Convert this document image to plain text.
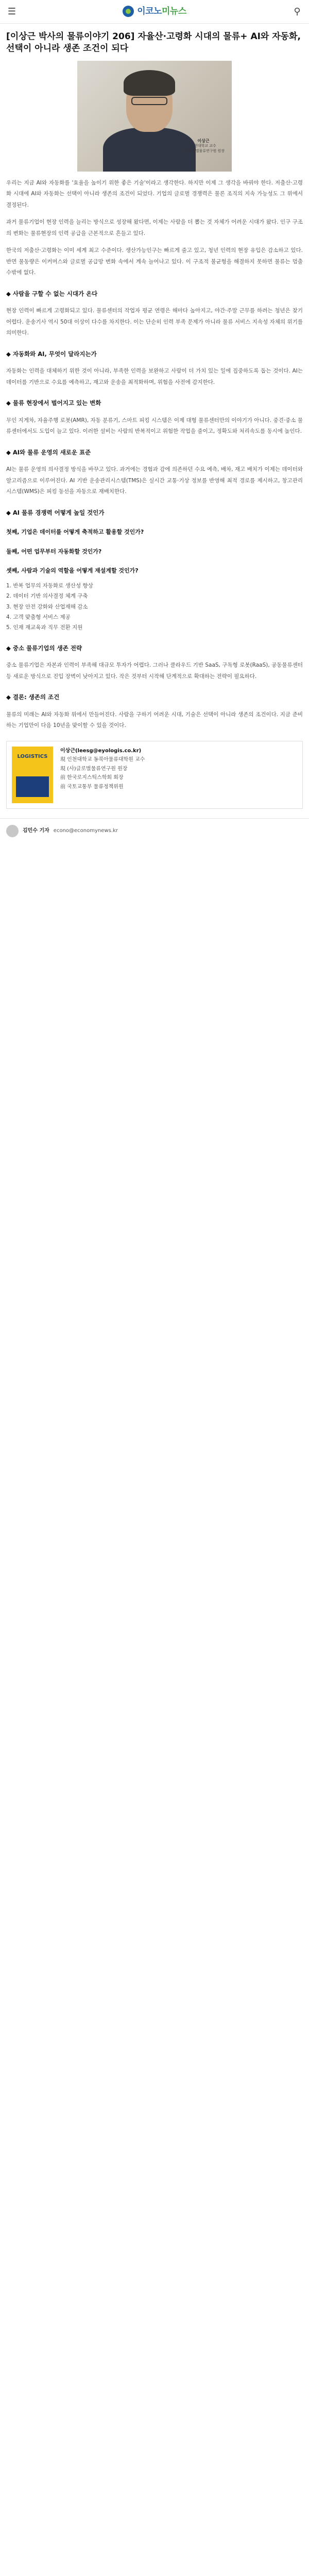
☰	이코노미뉴스	⚲
[이상근 박사의 물류이야기 206] 자율산·고령화 시대의 물류+ AI와 자동화, 선택이 아니라 생존 조건이 되다
이상근
인천대학교 교수
(사)글로벌물류연구원 원장

우리는 지금 AI와 자동화를 '효율을 높이기 위한 좋은 기술'이라고 생각한다. 하지만 이제 그 생각을 바꿔야 한다. 저출산·고령화 시대에 AI와 자동화는 선택이 아니라 생존의 조건이 되었다. 기업의 글로벌 경쟁력은 물론 조직의 지속 가능성도 그 위에서 결정된다.

과거 물류기업이 현장 인력을 늘리는 방식으로 성장해 왔다면, 이제는 사람을 더 뽑는 것 자체가 어려운 시대가 왔다. 인구 구조의 변화는 물류현장의 인력 공급을 근본적으로 흔들고 있다.

한국의 저출산·고령화는 이미 세계 최고 수준이다. 생산가능인구는 빠르게 줄고 있고, 청년 인력의 현장 유입은 감소하고 있다. 반면 물동량은 이커머스와 글로벌 공급망 변화 속에서 계속 늘어나고 있다. 이 구조적 불균형을 해결하지 못하면 물류는 멈출 수밖에 없다.

◆ 사람을 구할 수 없는 시대가 온다

현장 인력이 빠르게 고령화되고 있다. 물류센터의 작업자 평균 연령은 해마다 높아지고, 야간·주말 근무를 하려는 청년은 찾기 어렵다. 운송기사 역시 50대 이상이 다수를 차지한다. 이는 단순히 인력 부족 문제가 아니라 물류 서비스 지속성 자체의 위기를 의미한다.

◆ 자동화와 AI, 무엇이 달라지는가

자동화는 인력을 대체하기 위한 것이 아니라, 부족한 인력을 보완하고 사람이 더 가치 있는 일에 집중하도록 돕는 것이다. AI는 데이터를 기반으로 수요를 예측하고, 재고와 운송을 최적화하며, 위험을 사전에 감지한다.

◆ 물류 현장에서 벌어지고 있는 변화

무인 지게차, 자율주행 로봇(AMR), 자동 분류기, 스마트 피킹 시스템은 이제 대형 물류센터만의 이야기가 아니다. 중견·중소 물류센터에서도 도입이 늘고 있다. 이러한 설비는 사람의 반복적이고 위험한 작업을 줄이고, 정확도와 처리속도를 동시에 높인다.

◆ AI와 물류 운영의 새로운 표준

AI는 물류 운영의 의사결정 방식을 바꾸고 있다. 과거에는 경험과 감에 의존하던 수요 예측, 배차, 재고 배치가 이제는 데이터와 알고리즘으로 이루어진다. AI 기반 운송관리시스템(TMS)은 실시간 교통·기상 정보를 반영해 최적 경로를 제시하고, 창고관리시스템(WMS)은 피킹 동선을 자동으로 재배치한다.

◆ AI 물류 경쟁력 어떻게 높일 것인가
첫째, 기업은 데이터를 어떻게 축적하고 활용할 것인가?
둘째, 어떤 업무부터 자동화할 것인가?
셋째, 사람과 기술의 역할을 어떻게 재설계할 것인가?
1. 반복 업무의 자동화로 생산성 향상
2. 데이터 기반 의사결정 체계 구축
3. 현장 안전 강화와 산업재해 감소
4. 고객 맞춤형 서비스 제공
5. 인재 재교육과 직무 전환 지원
◆ 중소 물류기업의 생존 전략

중소 물류기업은 자본과 인력이 부족해 대규모 투자가 어렵다. 그러나 클라우드 기반 SaaS, 구독형 로봇(RaaS), 공동물류센터 등 새로운 방식으로 진입 장벽이 낮아지고 있다. 작은 것부터 시작해 단계적으로 확대하는 전략이 필요하다.

◆ 결론: 생존의 조건

물류의 미래는 AI와 자동화 위에서 만들어진다. 사람을 구하기 어려운 시대, 기술은 선택이 아니라 생존의 조건이다. 지금 준비하는 기업만이 다음 10년을 맞이할 수 있을 것이다.

LOGISTICS
이상근(leesg@eyologis.co.kr)
現 인천대학교 동북아물류대학원 교수
現 (사)글로벌물류연구원 원장
前 한국로지스틱스학회 회장
前 국토교통부 물류정책위원
김민수 기자 econo@economynews.kr
